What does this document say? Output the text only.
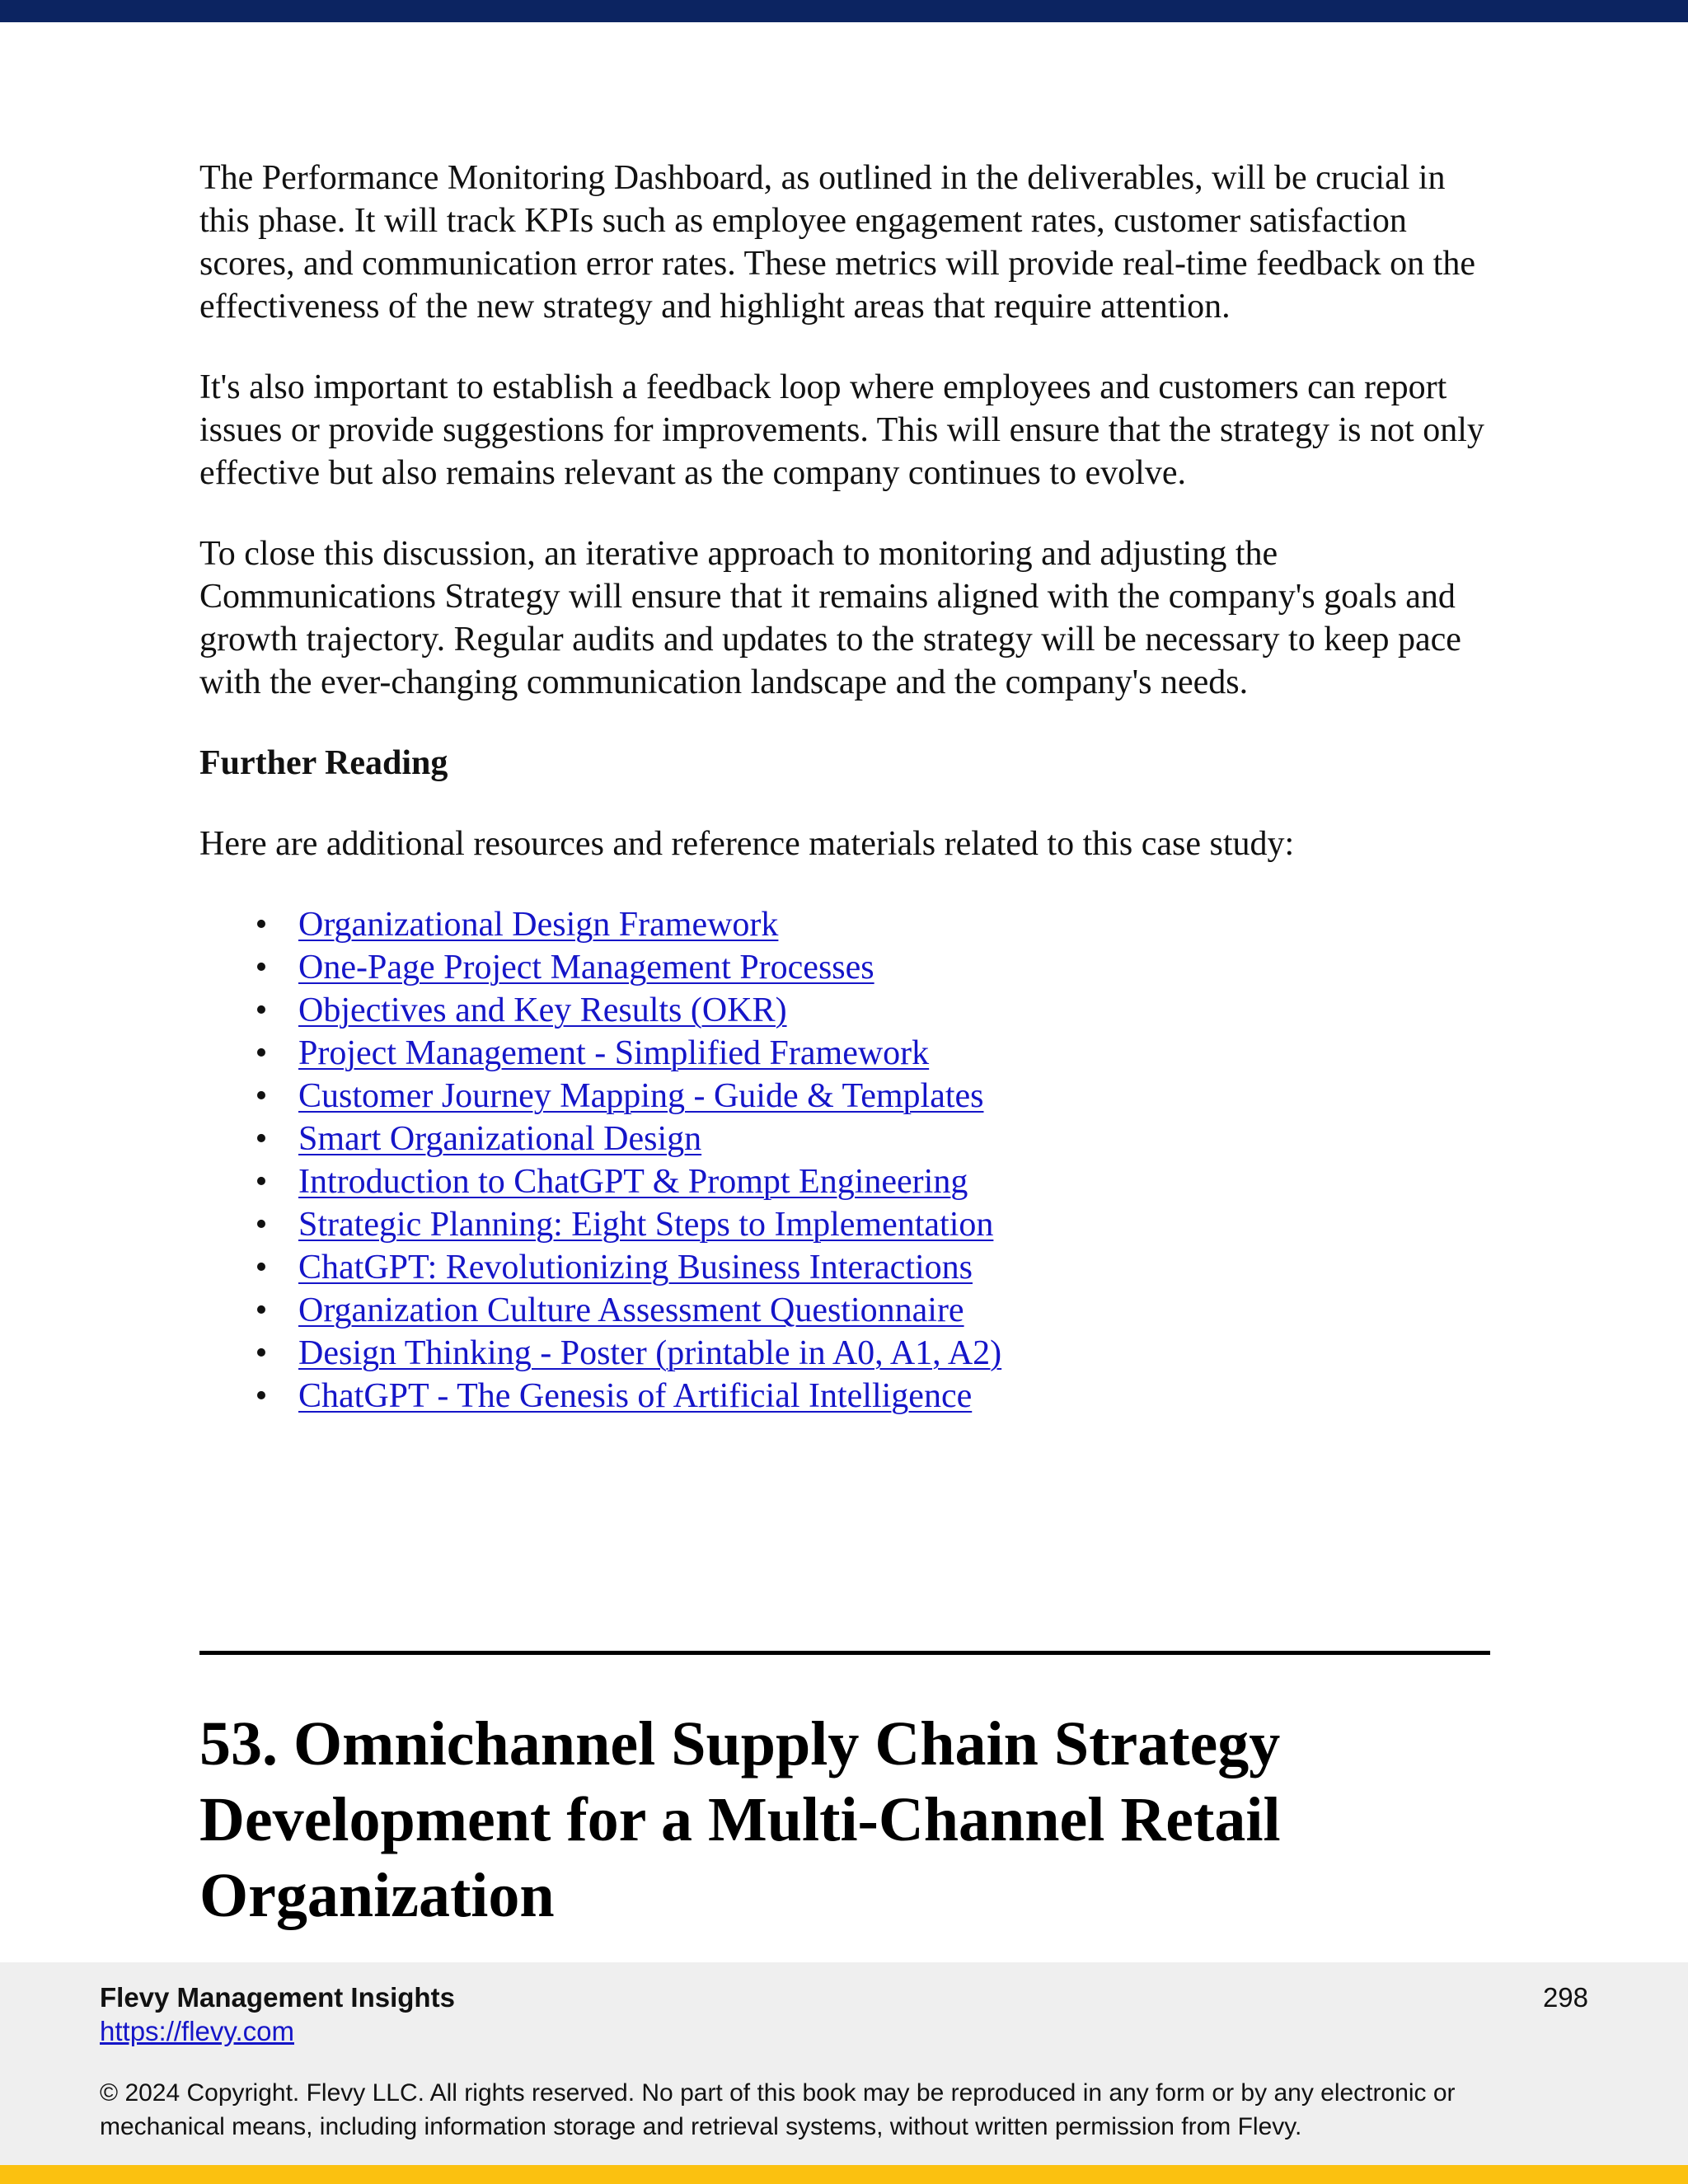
The Performance Monitoring Dashboard, as outlined in the deliverables, will be crucial in this phase. It will track KPIs such as employee engagement rates, customer satisfaction scores, and communication error rates. These metrics will provide real-time feedback on the effectiveness of the new strategy and highlight areas that require attention.

It's also important to establish a feedback loop where employees and customers can report issues or provide suggestions for improvements. This will ensure that the strategy is not only effective but also remains relevant as the company continues to evolve.

To close this discussion, an iterative approach to monitoring and adjusting the Communications Strategy will ensure that it remains aligned with the company's goals and growth trajectory. Regular audits and updates to the strategy will be necessary to keep pace with the ever-changing communication landscape and the company's needs.

Further Reading

Here are additional resources and reference materials related to this case study:

• Organizational Design Framework
• One-Page Project Management Processes
• Objectives and Key Results (OKR)
• Project Management - Simplified Framework
• Customer Journey Mapping - Guide & Templates
• Smart Organizational Design
• Introduction to ChatGPT & Prompt Engineering
• Strategic Planning: Eight Steps to Implementation
• ChatGPT: Revolutionizing Business Interactions
• Organization Culture Assessment Questionnaire
• Design Thinking - Poster (printable in A0, A1, A2)
• ChatGPT - The Genesis of Artificial Intelligence
53. Omnichannel Supply Chain Strategy Development for a Multi-Channel Retail Organization
Flevy Management Insights
https://flevy.com
298
© 2024 Copyright. Flevy LLC. All rights reserved. No part of this book may be reproduced in any form or by any electronic or mechanical means, including information storage and retrieval systems, without written permission from Flevy.
